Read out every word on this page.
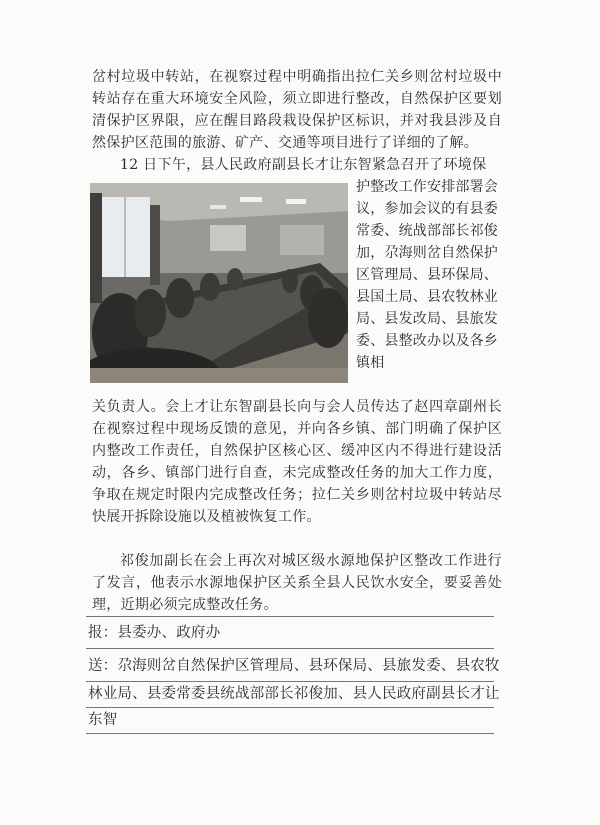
岔村垃圾中转站，在视察过程中明确指出拉仁关乡则岔村垃圾中转站存在重大环境安全风险，须立即进行整改，自然保护区要划清保护区界限，应在醒目路段栽设保护区标识，并对我县涉及自然保护区范围的旅游、矿产、交通等项目进行了详细的了解。

12 日下午，县人民政府副县长才让东智紧急召开了环境保

护整改工作安排部署会议，参加会议的有县委常委、统战部部长祁俊加，尕海则岔自然保护区管理局、县环保局、县国土局、县农牧林业局、县发改局、县旅发委、县整改办以及各乡镇相

关负责人。会上才让东智副县长向与会人员传达了赵四章副州长在视察过程中现场反馈的意见，并向各乡镇、部门明确了保护区内整改工作责任，自然保护区核心区、缓冲区内不得进行建设活动，各乡、镇部门进行自查，未完成整改任务的加大工作力度，争取在规定时限内完成整改任务；拉仁关乡则岔村垃圾中转站尽快展开拆除设施以及植被恢复工作。

祁俊加副长在会上再次对城区级水源地保护区整改工作进行了发言，他表示水源地保护区关系全县人民饮水安全，要妥善处理，近期必须完成整改任务。

报：县委办、政府办

送：尕海则岔自然保护区管理局、县环保局、县旅发委、县农牧

林业局、县委常委县统战部部长祁俊加、县人民政府副县长才让

东智
